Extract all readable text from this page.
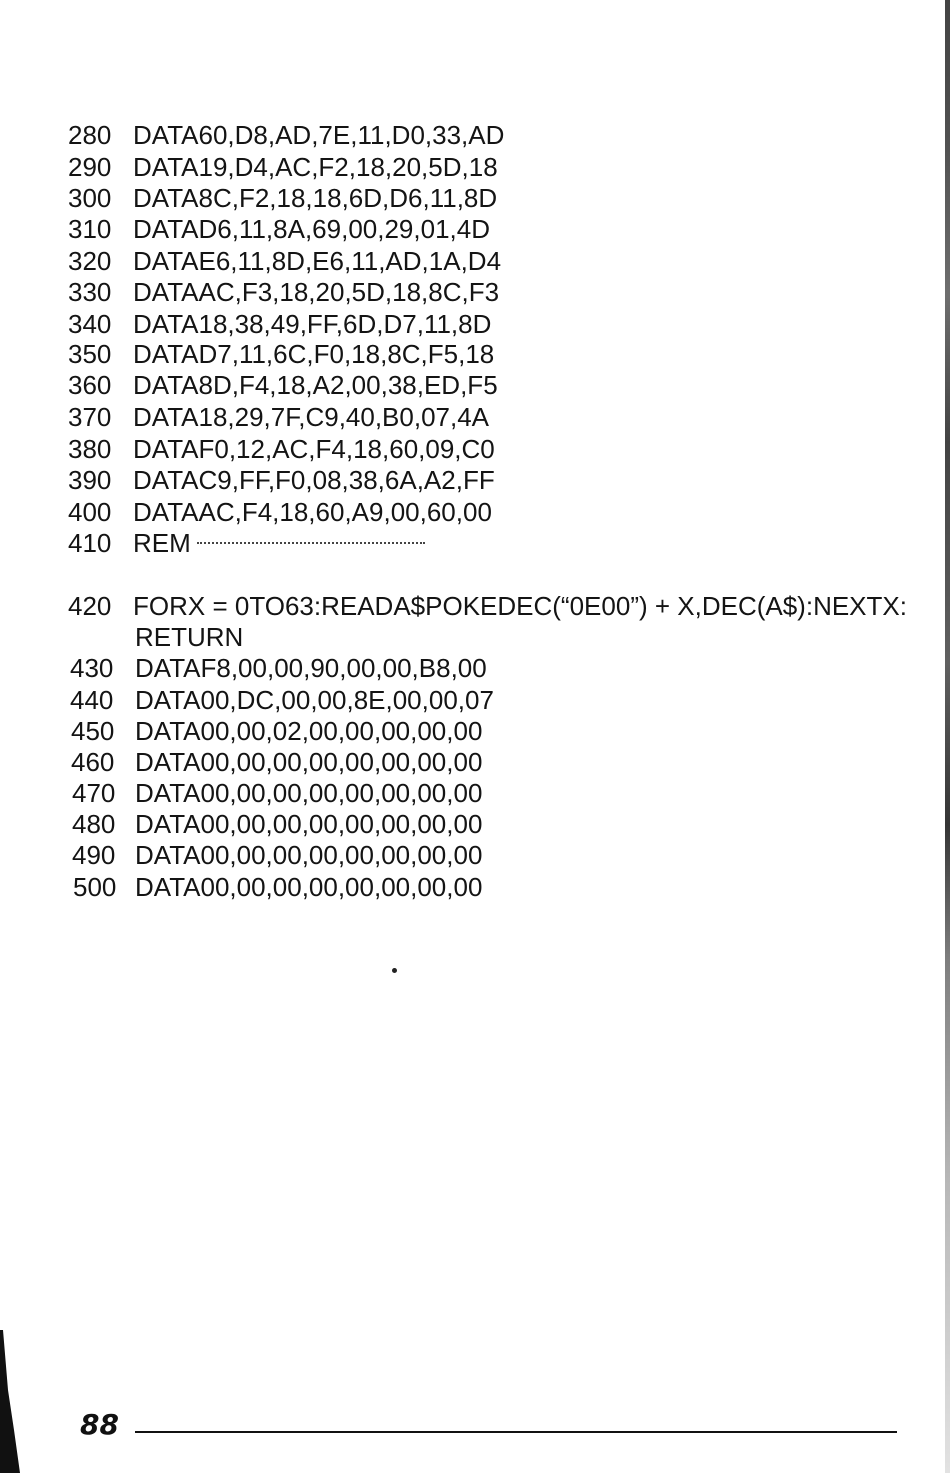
280 DATA60,D8,AD,7E,11,D0,33,AD
290 DATA19,D4,AC,F2,18,20,5D,18
300 DATA8C,F2,18,18,6D,D6,11,8D
310 DATAD6,11,8A,69,00,29,01,4D
320 DATAE6,11,8D,E6,11,AD,1A,D4
330 DATAAC,F3,18,20,5D,18,8C,F3
340 DATA18,38,49,FF,6D,D7,11,8D
350 DATAD7,11,6C,F0,18,8C,F5,18
360 DATA8D,F4,18,A2,00,38,ED,F5
370 DATA18,29,7F,C9,40,B0,07,4A
380 DATAF0,12,AC,F4,18,60,09,C0
390 DATAC9,FF,F0,08,38,6A,A2,FF
400 DATAAC,F4,18,60,A9,00,60,00
410 REM
420 FORX = 0TO63:READA$POKEDEC(“0E00”) + X,DEC(A$):NEXTX:
RETURN
430 DATAF8,00,00,90,00,00,B8,00
440 DATA00,DC,00,00,8E,00,00,07
450 DATA00,00,02,00,00,00,00,00
460 DATA00,00,00,00,00,00,00,00
470 DATA00,00,00,00,00,00,00,00
480 DATA00,00,00,00,00,00,00,00
490 DATA00,00,00,00,00,00,00,00
500 DATA00,00,00,00,00,00,00,00
88
